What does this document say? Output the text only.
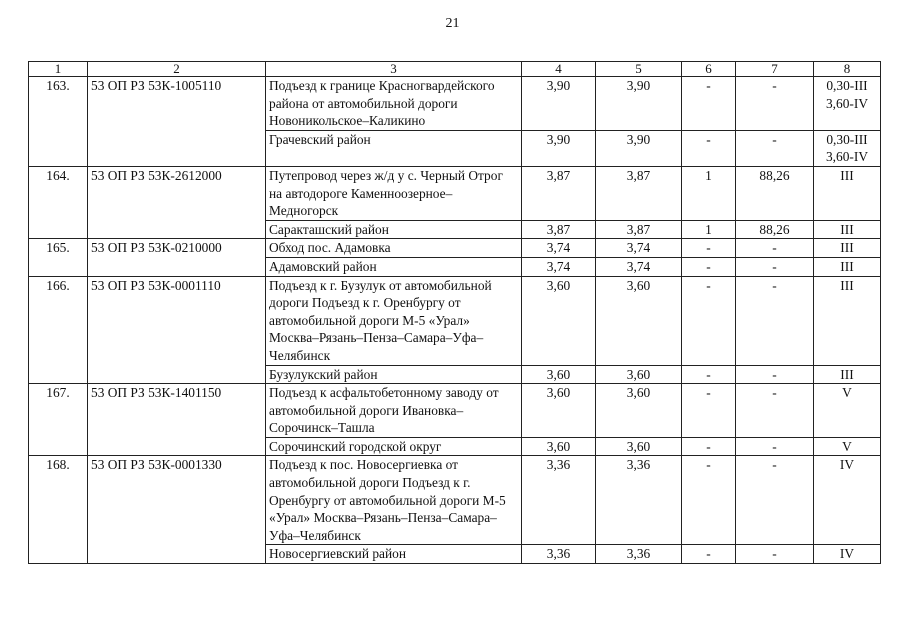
21
1	2	3	4	5	6	7	8
163.	53 ОП РЗ 53К-1005110	Подъезд к границе Красногвардейского района от автомобильной дороги Новоникольское–Каликино	3,90	3,90	-	-	0,30-III
3,60-IV

		Грачевский район	3,90	3,90	-	-	0,30-III
3,60-IV

164.	53 ОП РЗ 53К-2612000	Путепровод через ж/д у с. Черный Отрог на автодороге Каменноозерное–Медногорск	3,87	3,87	1	88,26	III

		Саракташский район	3,87	3,87	1	88,26	III

165.	53 ОП РЗ 53К-0210000	Обход пос. Адамовка	3,74	3,74	-	-	III

		Адамовский район	3,74	3,74	-	-	III

166.	53 ОП РЗ 53К-0001110	Подъезд к г. Бузулук от автомобильной дороги Подъезд к г. Оренбургу от автомобильной дороги М-5 «Урал» Москва–Рязань–Пенза–Самара–Уфа–Челябинск	3,60	3,60	-	-	III

		Бузулукский район	3,60	3,60	-	-	III

167.	53 ОП РЗ 53К-1401150	Подъезд к асфальтобетонному заводу от автомобильной дороги Ивановка–Сорочинск–Ташла	3,60	3,60	-	-	V

		Сорочинский городской округ	3,60	3,60	-	-	V

168.	53 ОП РЗ 53К-0001330	Подъезд к пос. Новосергиевка от автомобильной дороги Подъезд к г. Оренбургу от автомобильной дороги М-5 «Урал» Москва–Рязань–Пенза–Самара–Уфа–Челябинск	3,36	3,36	-	-	IV

		Новосергиевский район	3,36	3,36	-	-	IV
